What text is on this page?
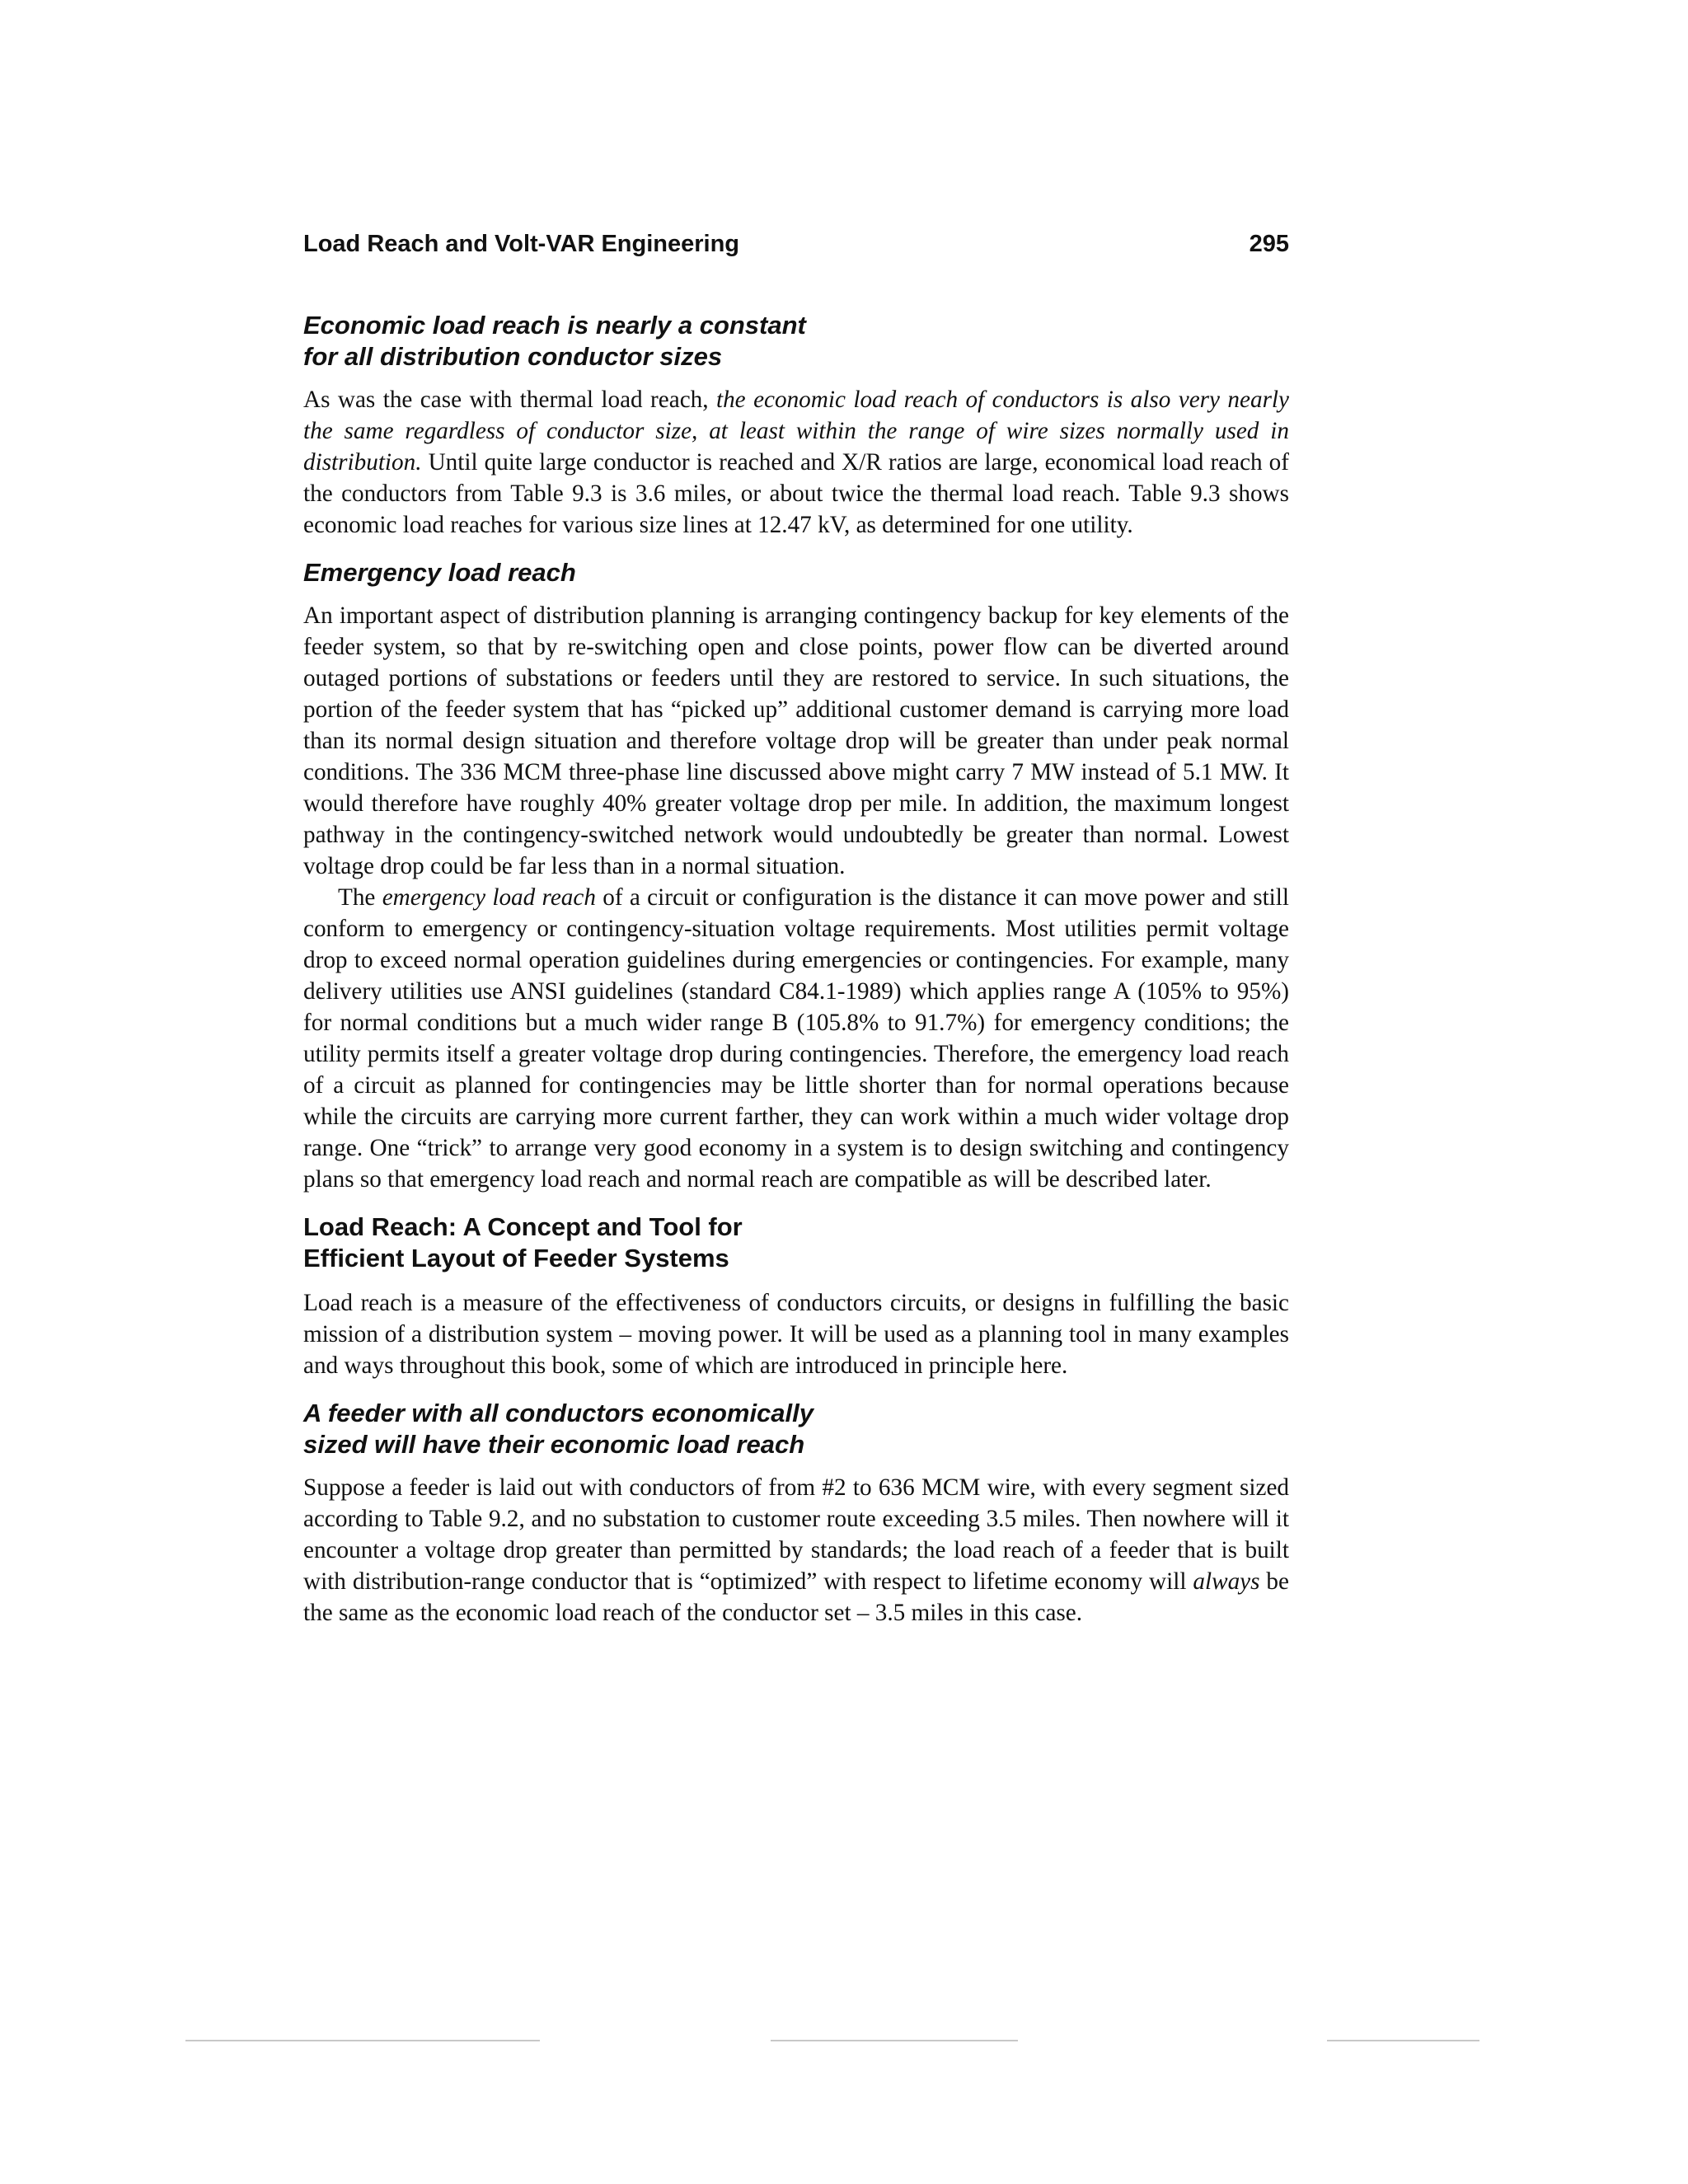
Load Reach and Volt-VAR Engineering	295
Economic load reach is nearly a constant
for all distribution conductor sizes

As was the case with thermal load reach, the economic load reach of conductors is also very nearly the same regardless of conductor size, at least within the range of wire sizes normally used in distribution. Until quite large conductor is reached and X/R ratios are large, economical load reach of the conductors from Table 9.3 is 3.6 miles, or about twice the thermal load reach. Table 9.3 shows economic load reaches for various size lines at 12.47 kV, as determined for one utility.

Emergency load reach

An important aspect of distribution planning is arranging contingency backup for key elements of the feeder system, so that by re-switching open and close points, power flow can be diverted around outaged portions of substations or feeders until they are restored to service. In such situations, the portion of the feeder system that has “picked up” additional customer demand is carrying more load than its normal design situation and therefore voltage drop will be greater than under peak normal conditions. The 336 MCM three-phase line discussed above might carry 7 MW instead of 5.1 MW. It would therefore have roughly 40% greater voltage drop per mile. In addition, the maximum longest pathway in the contingency-switched network would undoubtedly be greater than normal. Lowest voltage drop could be far less than in a normal situation.

The emergency load reach of a circuit or configuration is the distance it can move power and still conform to emergency or contingency-situation voltage requirements. Most utilities permit voltage drop to exceed normal operation guidelines during emergencies or contingencies. For example, many delivery utilities use ANSI guidelines (standard C84.1-1989) which applies range A (105% to 95%) for normal conditions but a much wider range B (105.8% to 91.7%) for emergency conditions; the utility permits itself a greater voltage drop during contingencies. Therefore, the emergency load reach of a circuit as planned for contingencies may be little shorter than for normal operations because while the circuits are carrying more current farther, they can work within a much wider voltage drop range. One “trick” to arrange very good economy in a system is to design switching and contingency plans so that emergency load reach and normal reach are compatible as will be described later.

Load Reach: A Concept and Tool for
Efficient Layout of Feeder Systems

Load reach is a measure of the effectiveness of conductors circuits, or designs in fulfilling the basic mission of a distribution system – moving power. It will be used as a planning tool in many examples and ways throughout this book, some of which are introduced in principle here.

A feeder with all conductors economically
sized will have their economic load reach

Suppose a feeder is laid out with conductors of from #2 to 636 MCM wire, with every segment sized according to Table 9.2, and no substation to customer route exceeding 3.5 miles. Then nowhere will it encounter a voltage drop greater than permitted by standards; the load reach of a feeder that is built with distribution-range conductor that is “optimized” with respect to lifetime economy will always be the same as the economic load reach of the conductor set – 3.5 miles in this case.
